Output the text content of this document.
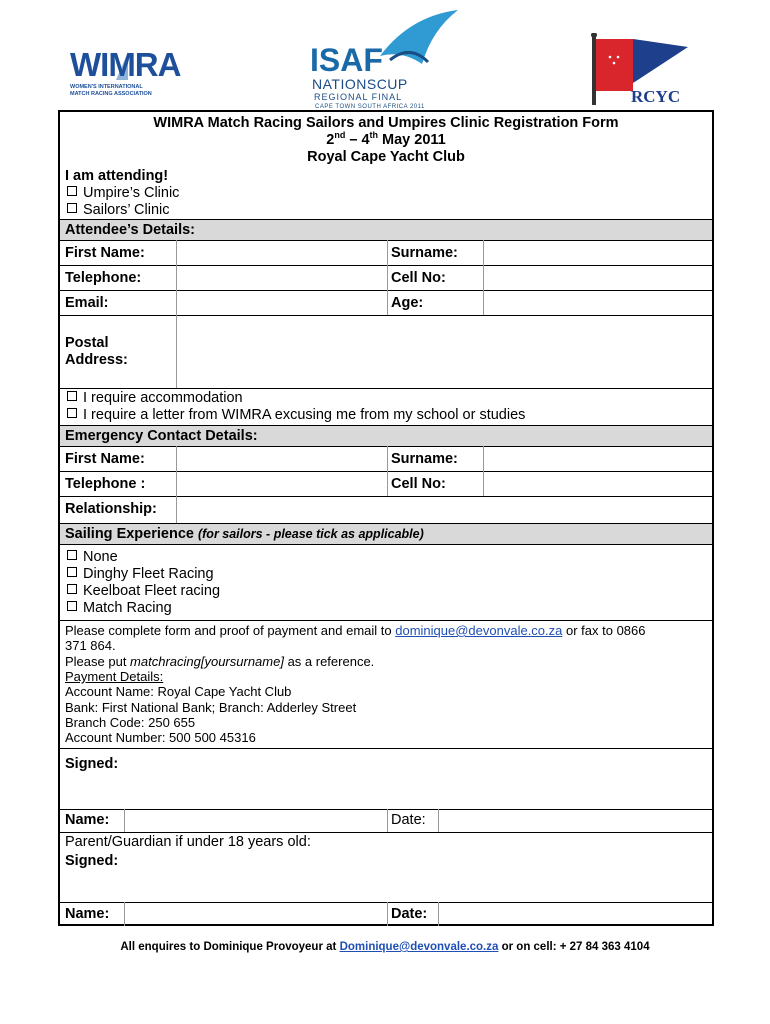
WIMRA
WOMEN'S INTERNATIONAL
MATCH RACING ASSOCIATION
ISAF
NATIONSCUP
REGIONAL FINAL
CAPE TOWN SOUTH AFRICA 2011
RCYC
WIMRA Match Racing Sailors and Umpires Clinic Registration Form
2nd – 4th May 2011
Royal Cape Yacht Club
I am attending!
Umpire’s Clinic
Sailors’ Clinic
Attendee’s Details:
First Name:	Surname:
Telephone:	Cell No:
Email:	Age:
Postal
Address:
I require accommodation
I require a letter from WIMRA excusing me from my school or studies
Emergency Contact Details:
First Name:	Surname:
Telephone :	Cell No:
Relationship:
Sailing Experience (for sailors - please tick as applicable)
None
Dinghy Fleet Racing
Keelboat Fleet racing
Match Racing
Please complete form and proof of payment and email to dominique@devonvale.co.za or fax to 0866
371 864.
Please put matchracing[yoursurname] as a reference.
Payment Details:
Account Name: Royal Cape Yacht Club
Bank: First National Bank; Branch: Adderley Street
Branch Code: 250 655
Account Number: 500 500 45316
Signed:
Name:	Date:
Parent/Guardian if under 18 years old:
Signed:
Name:	Date:
All enquires to Dominique Provoyeur at Dominique@devonvale.co.za or on cell: + 27 84 363 4104
